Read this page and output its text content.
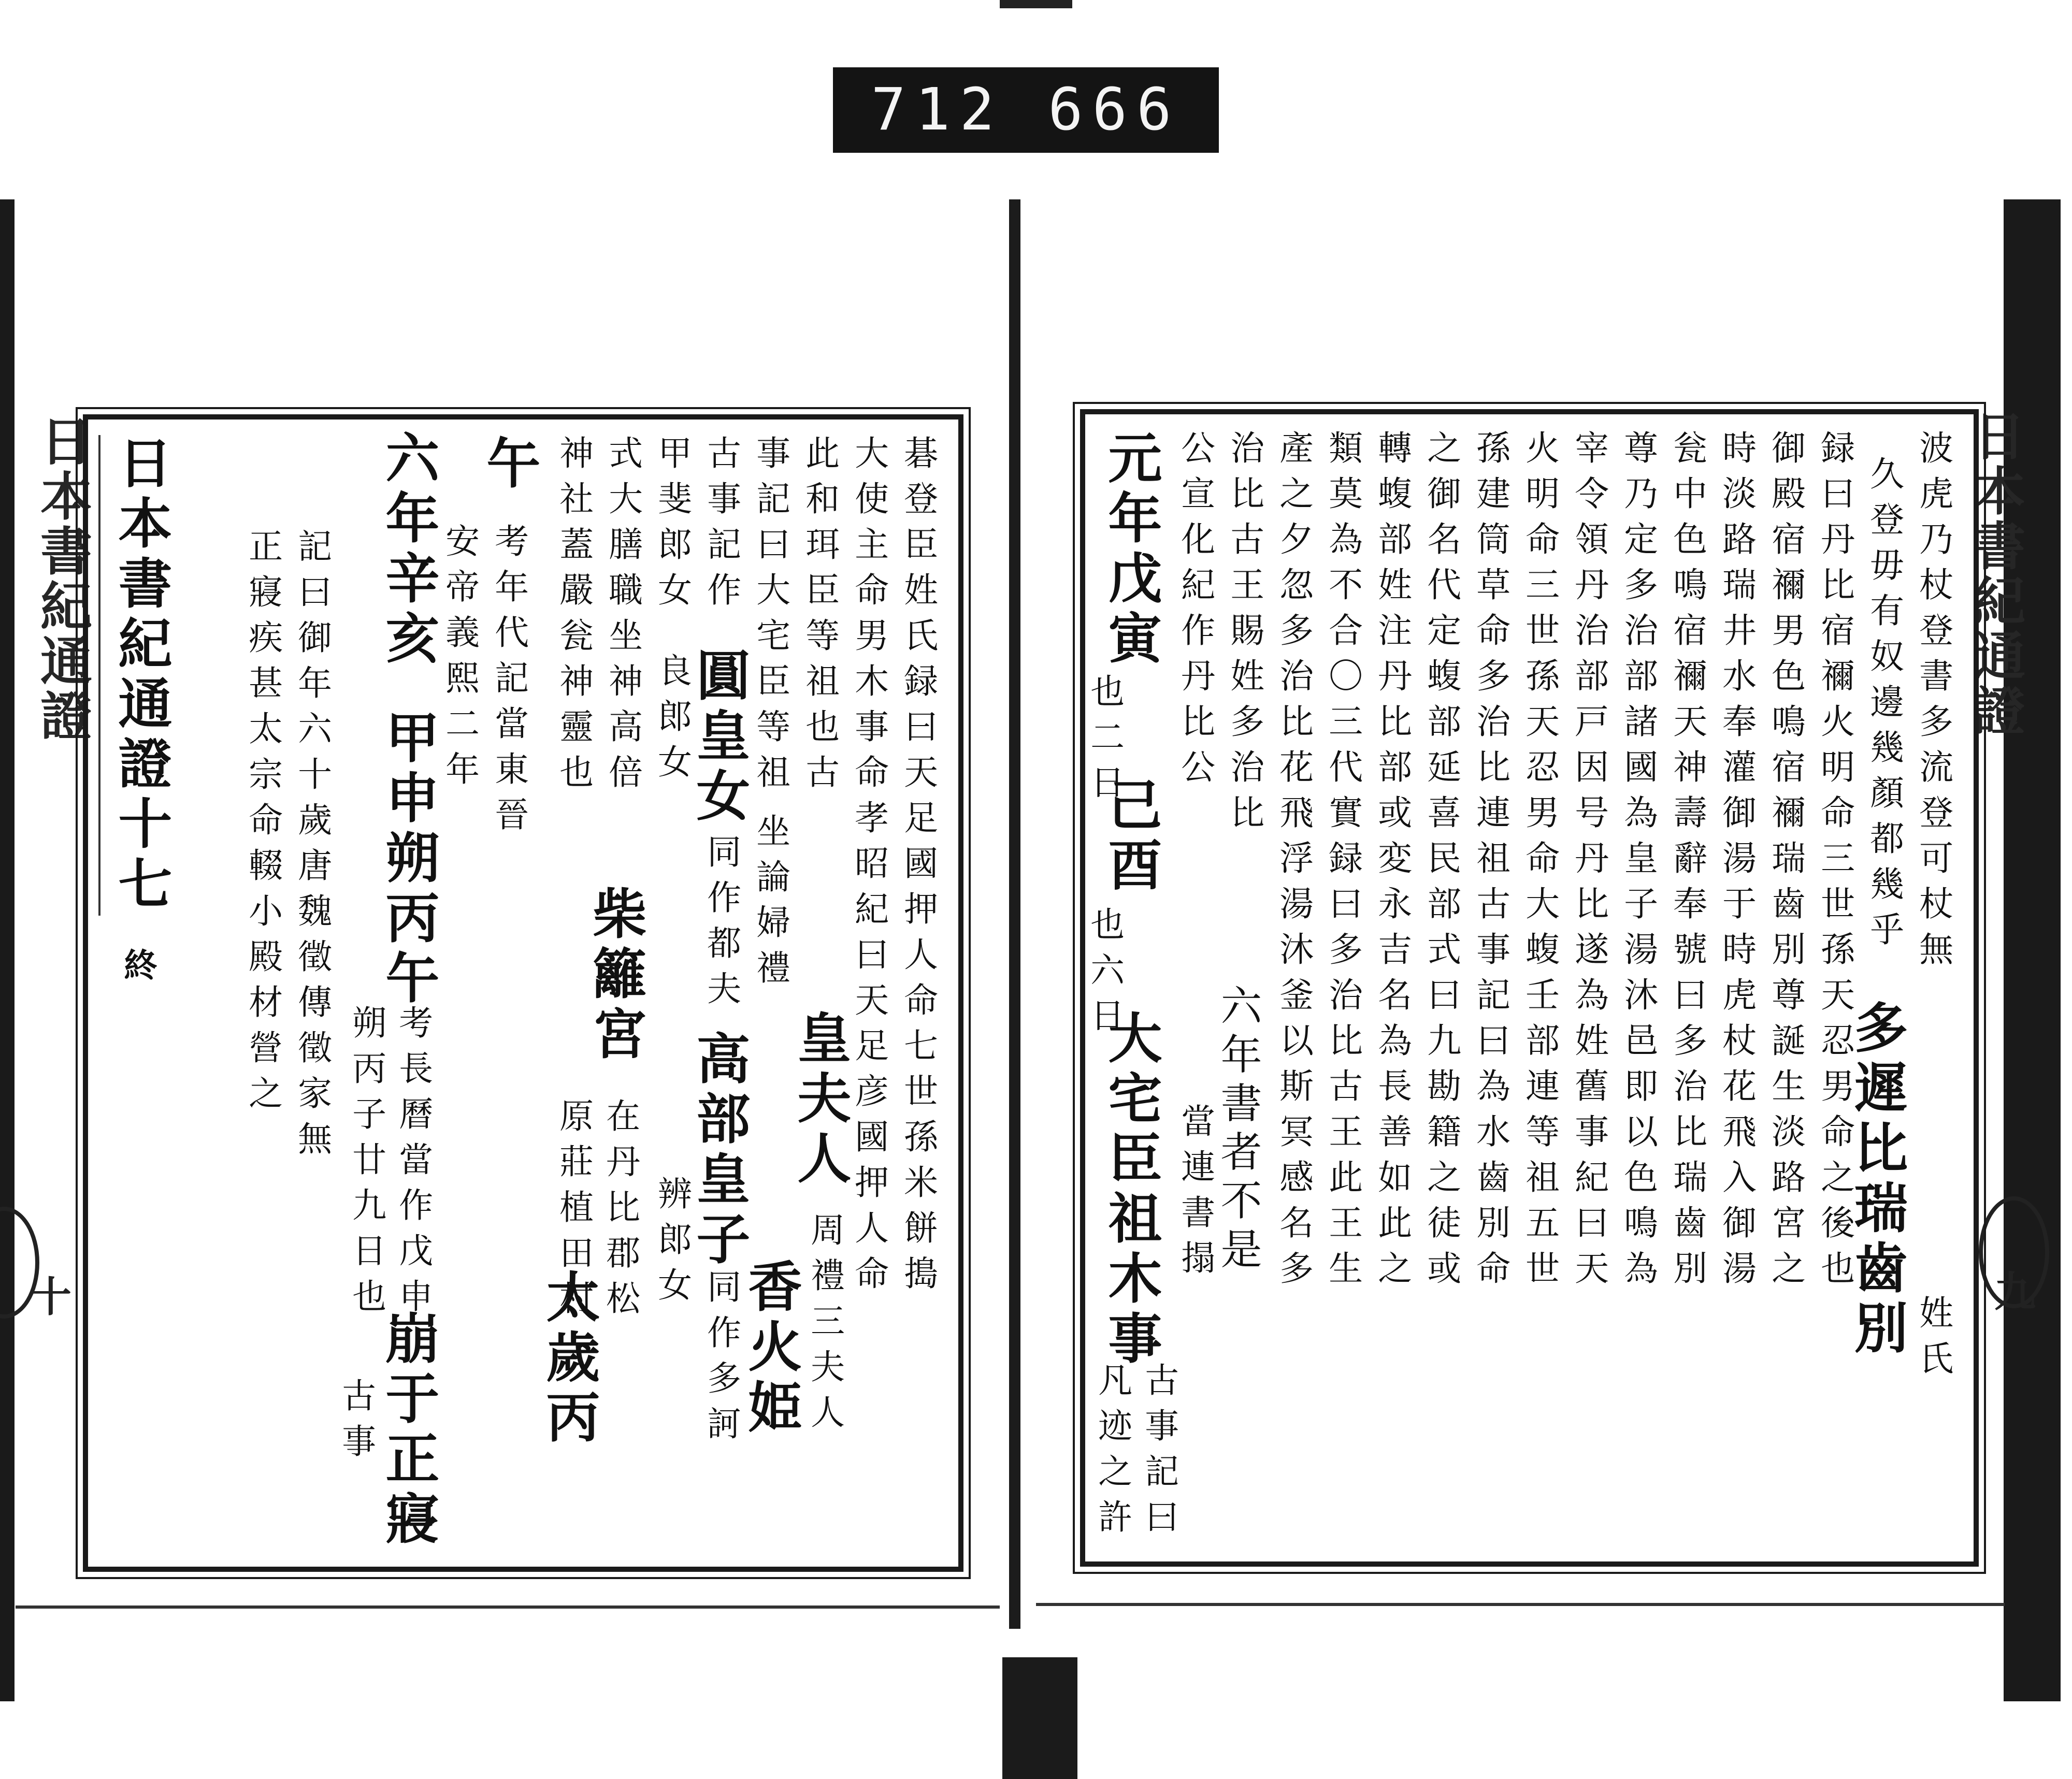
712 666
日本書紀通證	日本書紀通證
十	九
碁登臣姓氏録曰天足國押人命七世孫米餅搗
大使主命男木事命孝昭紀曰天足彦國押人命
此和珥臣等祖也古
皇夫人
周禮三夫人
事記曰大宅臣等祖
坐論婦禮
香火姫
古事記作
圓皇女
同作都夫
高部皇子
同作多訶
甲斐郎女
良郎女
辨郎女
式大膳職坐神高倍
神社蓋嚴瓮神靈也
柴籬宮
在丹比郡松
原莊植田村
太歲丙
午
考年代記當東晉
安帝義熙二年
六年辛亥
甲申朔丙午
考長曆當作戊申
朔丙子廿九日也
崩于正寢
古事
記曰御年六十歲唐魏徵傳徵家無
正寢疾甚太宗命輟小殿材營之
日本書紀通證十七
終	波虎乃杖登書多流登可杖無
久登毋有奴邊幾顏都幾乎
多遲比瑞齒別 姓氏
録曰丹比宿禰火明命三世孫天忍男命之後也
御殿宿禰男色鳴宿禰瑞齒別尊誕生淡路宮之
時淡路瑞井水奉灌御湯于時虎杖花飛入御湯
瓮中色鳴宿禰天神壽辭奉號曰多治比瑞齒別
尊乃定多治部諸國為皇子湯沐邑即以色鳴為
宰令領丹治部戸因号丹比遂為姓舊事紀曰天
火明命三世孫天忍男命大蝮壬部連等祖五世
孫建筒草命多治比連祖古事記曰為水齒別命
之御名代定蝮部延喜民部式曰九勘籍之徒或
轉蝮部姓注丹比部或変永吉名為長善如此之
類莫為不合〇三代實録曰多治比古王此王生
產之夕忽多治比花飛浮湯沐釜以斯冥感名多
治比古王賜姓多治比
六年書者不是
公宣化紀作丹比公
當連書搨
元年戊寅
也二日
己酉
也六日
大宅臣祖木事
古事記曰
凡迹之許
